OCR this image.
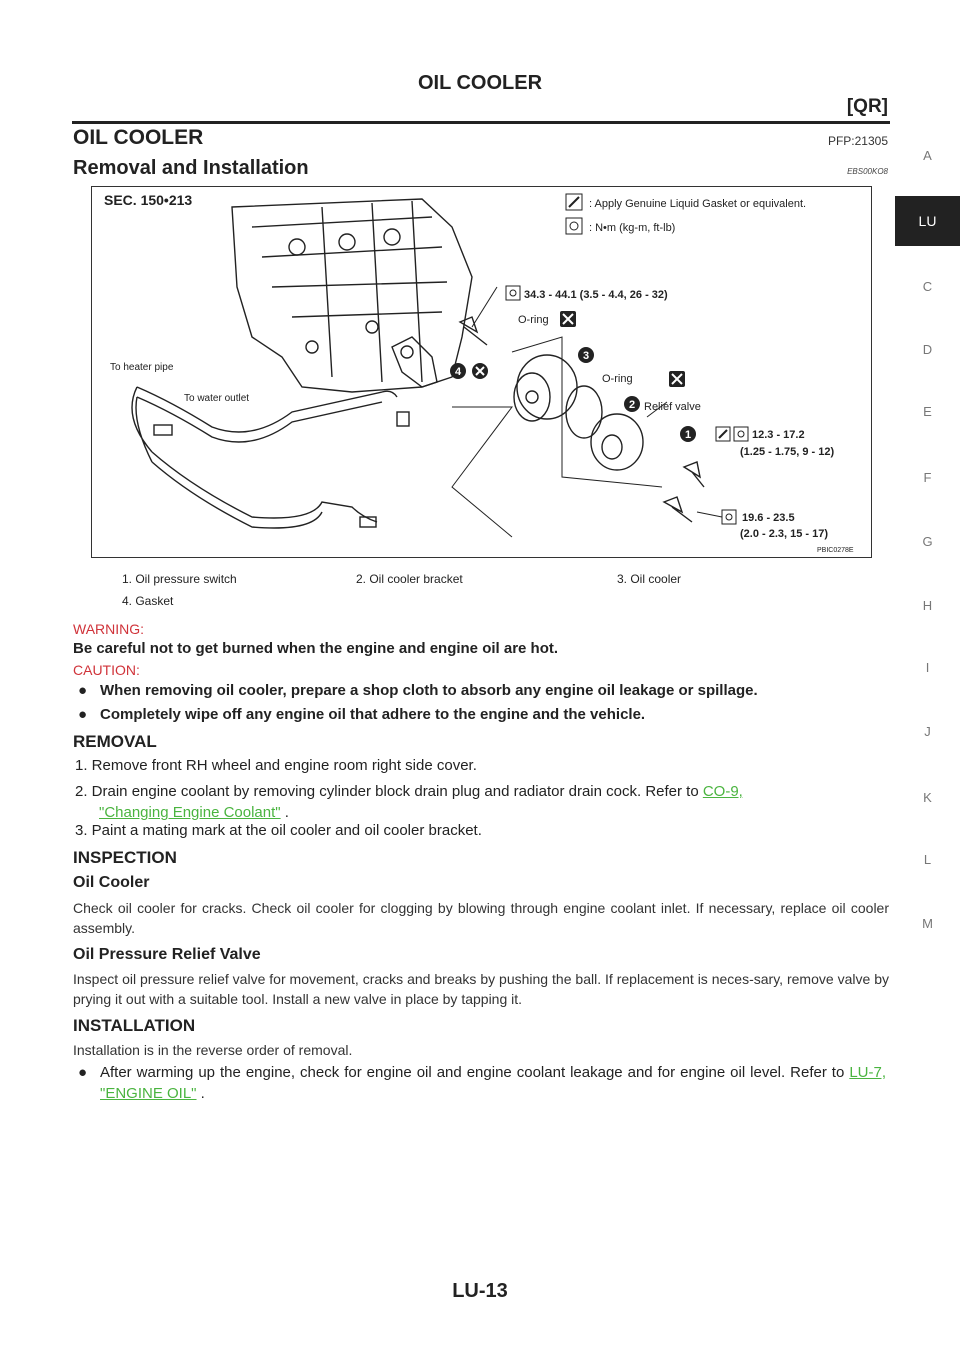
OIL COOLER
[QR]
OIL COOLER	PFP:21305
Removal and Installation	EBS00KO8
A
LU
C
D
E
F
G
H
I
J
K
L
M
1
2
3
4
SEC. 150•213	: Apply Genuine Liquid Gasket or equivalent.
: N•m (kg-m, ft-lb)
34.3 - 44.1 (3.5 - 4.4, 26 - 32)
O-ring
O-ring
Relief valve
12.3 - 17.2
(1.25 - 1.75, 9 - 12)
19.6 - 23.5
(2.0 - 2.3, 15 - 17)
To heater pipe
To water outlet
PBIC0278E
1. Oil pressure switch	2. Oil cooler bracket	3. Oil cooler
4. Gasket
WARNING:
Be careful not to get burned when the engine and engine oil are hot.
CAUTION:
● When removing oil cooler, prepare a shop cloth to absorb any engine oil leakage or spillage.
● Completely wipe off any engine oil that adhere to the engine and the vehicle.
REMOVAL
1. Remove front RH wheel and engine room right side cover.
2. Drain engine coolant by removing cylinder block drain plug and radiator drain cock. Refer to CO-9,
"Changing Engine Coolant" .
3. Paint a mating mark at the oil cooler and oil cooler bracket.
INSPECTION
Oil Cooler
Check oil cooler for cracks. Check oil cooler for clogging by blowing through engine coolant inlet. If necessary, replace oil cooler assembly.
Oil Pressure Relief Valve
Inspect oil pressure relief valve for movement, cracks and breaks by pushing the ball. If replacement is neces-sary, remove valve by prying it out with a suitable tool. Install a new valve in place by tapping it.
INSTALLATION
Installation is in the reverse order of removal.
● After warming up the engine, check for engine oil and engine coolant leakage and for engine oil level. Refer to LU-7, "ENGINE OIL" .
LU-13
